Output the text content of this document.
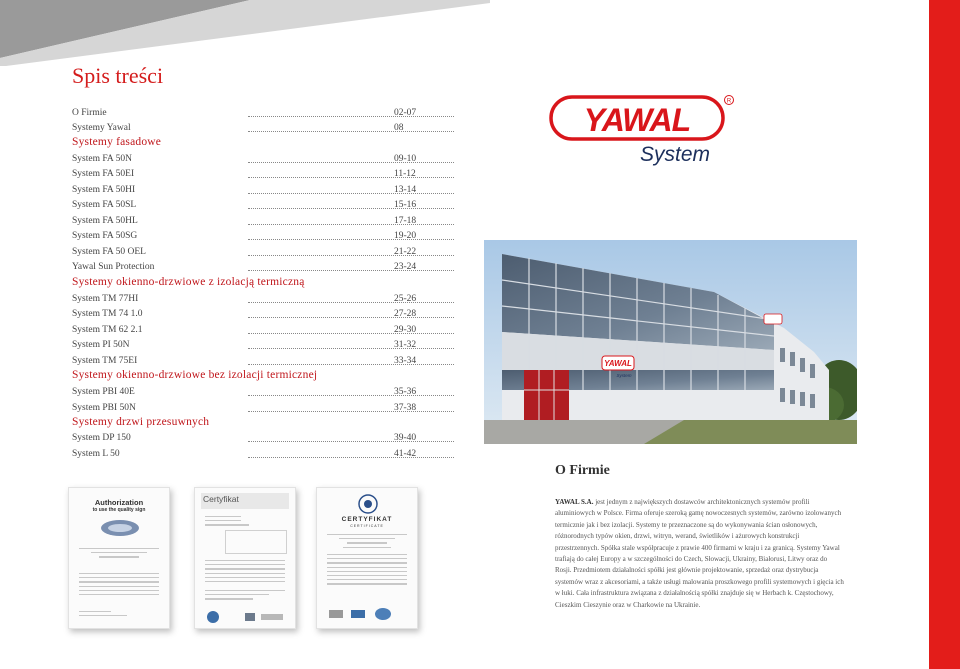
Spis treści
O Firmie	02-07
Systemy Yawal	08
Systemy fasadowe
System FA 50N	09-10
System FA 50EI	11-12
System FA 50HI	13-14
System FA 50SL	15-16
System FA 50HL	17-18
System FA 50SG	19-20
System FA 50 OEL	21-22
Yawal Sun Protection	23-24
Systemy okienno-drzwiowe z izolacją termiczną
System TM 77HI	25-26
System TM 74 1.0	27-28
System TM 62 2.1	29-30
System PI 50N	31-32
System TM 75EI	33-34
Systemy okienno-drzwiowe bez izolacji termicznej
System PBI 40E	35-36
System PBI 50N	37-38
Systemy drzwi przesuwnych
System DP 150	39-40
System L 50	41-42
YAWAL
R
System
YAWAL
System
O Firmie

YAWAL S.A. jest jednym z największych dostawców architektonicznych systemów profili aluminiowych w Polsce. Firma oferuje szeroką gamę nowoczesnych systemów, zarówno izolowanych termicznie jak i bez izolacji. Systemy te przeznaczone są do wykonywania ścian osłonowych, różnorodnych typów okien, drzwi, witryn, werand, świetlików i ażurowych konstrukcji przestrzennych. Spółka stale współpracuje z prawie 400 firmami w kraju i za granicą. Systemy Yawal trafiają do całej Europy a w szczególności do Czech, Słowacji, Ukrainy, Białorusi, Litwy oraz do Rosji. Przedmiotem działalności spółki jest głównie projektowanie, sprzedaż oraz dystrybucja systemów wraz z akcesoriami, a także usługi malowania proszkowego profili systemowych i gięcia ich w łuki. Cała infrastruktura związana z działalnością spółki znajduje się w Herbach k. Częstochowy, Cieszkim Cieszynie oraz w Charkowie na Ukrainie.

Authorization
to use the quality sign
Certyfikat
CERTYFIKAT
CERTIFICATE
